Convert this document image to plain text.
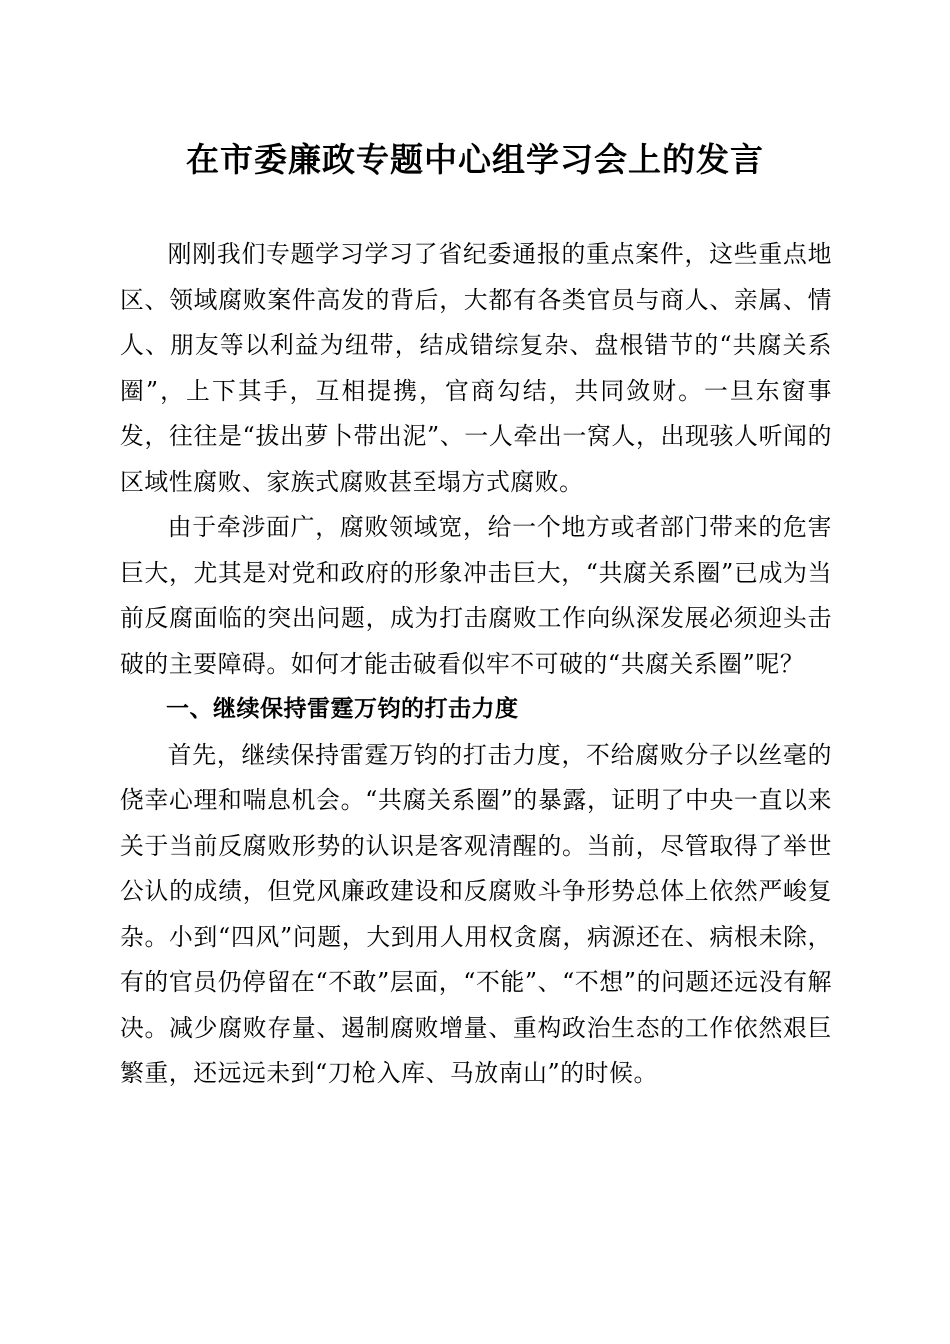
在市委廉政专题中心组学习会上的发言

刚刚我们专题学习学习了省纪委通报的重点案件，这些重点地区、领域腐败案件高发的背后，大都有各类官员与商人、亲属、情人、朋友等以利益为纽带，结成错综复杂、盘根错节的“共腐关系圈”，上下其手，互相提携，官商勾结，共同敛财。一旦东窗事发，往往是“拔出萝卜带出泥”、一人牵出一窝人，出现骇人听闻的区域性腐败、家族式腐败甚至塌方式腐败。

由于牵涉面广，腐败领域宽，给一个地方或者部门带来的危害巨大，尤其是对党和政府的形象冲击巨大，“共腐关系圈”已成为当前反腐面临的突出问题，成为打击腐败工作向纵深发展必须迎头击破的主要障碍。如何才能击破看似牢不可破的“共腐关系圈”呢？

一、继续保持雷霆万钧的打击力度

首先，继续保持雷霆万钧的打击力度，不给腐败分子以丝毫的侥幸心理和喘息机会。“共腐关系圈”的暴露，证明了中央一直以来关于当前反腐败形势的认识是客观清醒的。当前，尽管取得了举世公认的成绩，但党风廉政建设和反腐败斗争形势总体上依然严峻复杂。小到“四风”问题，大到用人用权贪腐，病源还在、病根未除，有的官员仍停留在“不敢”层面，“不能”、“不想”的问题还远没有解决。减少腐败存量、遏制腐败增量、重构政治生态的工作依然艰巨繁重，还远远未到“刀枪入库、马放南山”的时候。
